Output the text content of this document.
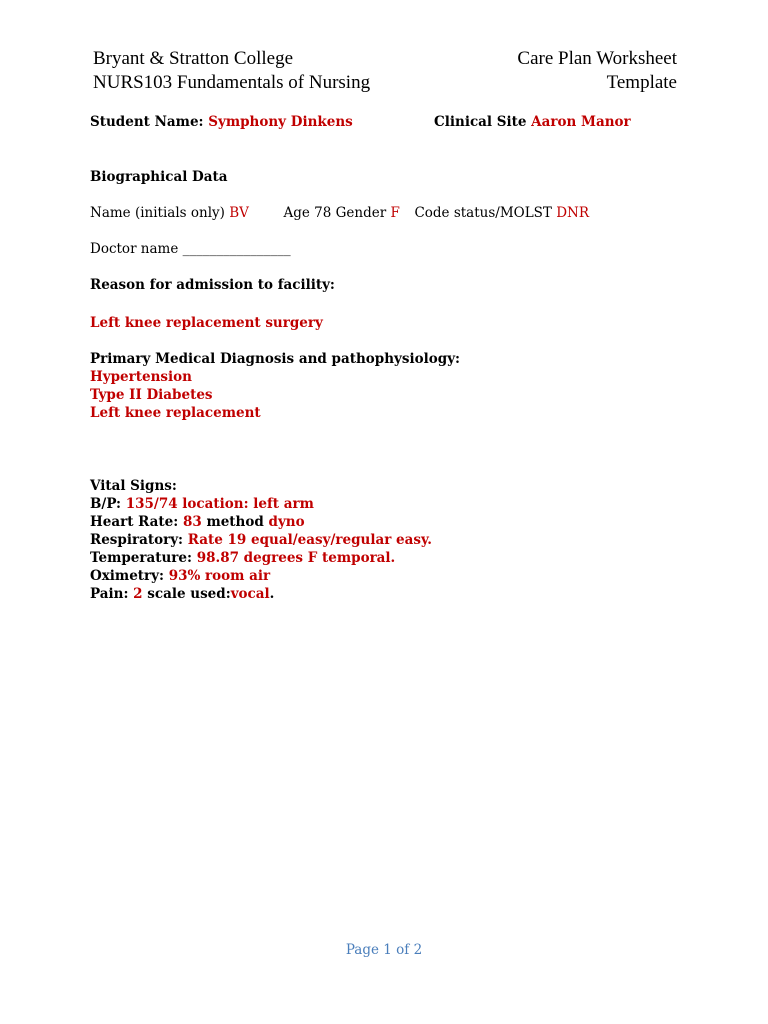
Bryant & Stratton College
NURS103 Fundamentals of Nursing
Care Plan Worksheet
Template
Student Name: Symphony Dinkens	Clinical Site Aaron Manor
Biographical Data
Name (initials only) BV	Age 78 Gender F Code status/MOLST DNR
Doctor name ________________
Reason for admission to facility:
Left knee replacement surgery
Primary Medical Diagnosis and pathophysiology:
Hypertension
Type II Diabetes
Left knee replacement
Vital Signs:
B/P: 135/74 location: left arm
Heart Rate: 83 method dyno
Respiratory: Rate 19 equal/easy/regular easy.
Temperature: 98.87 degrees F temporal.
Oximetry: 93% room air
Pain: 2 scale used:vocal.
Page 1 of 2
